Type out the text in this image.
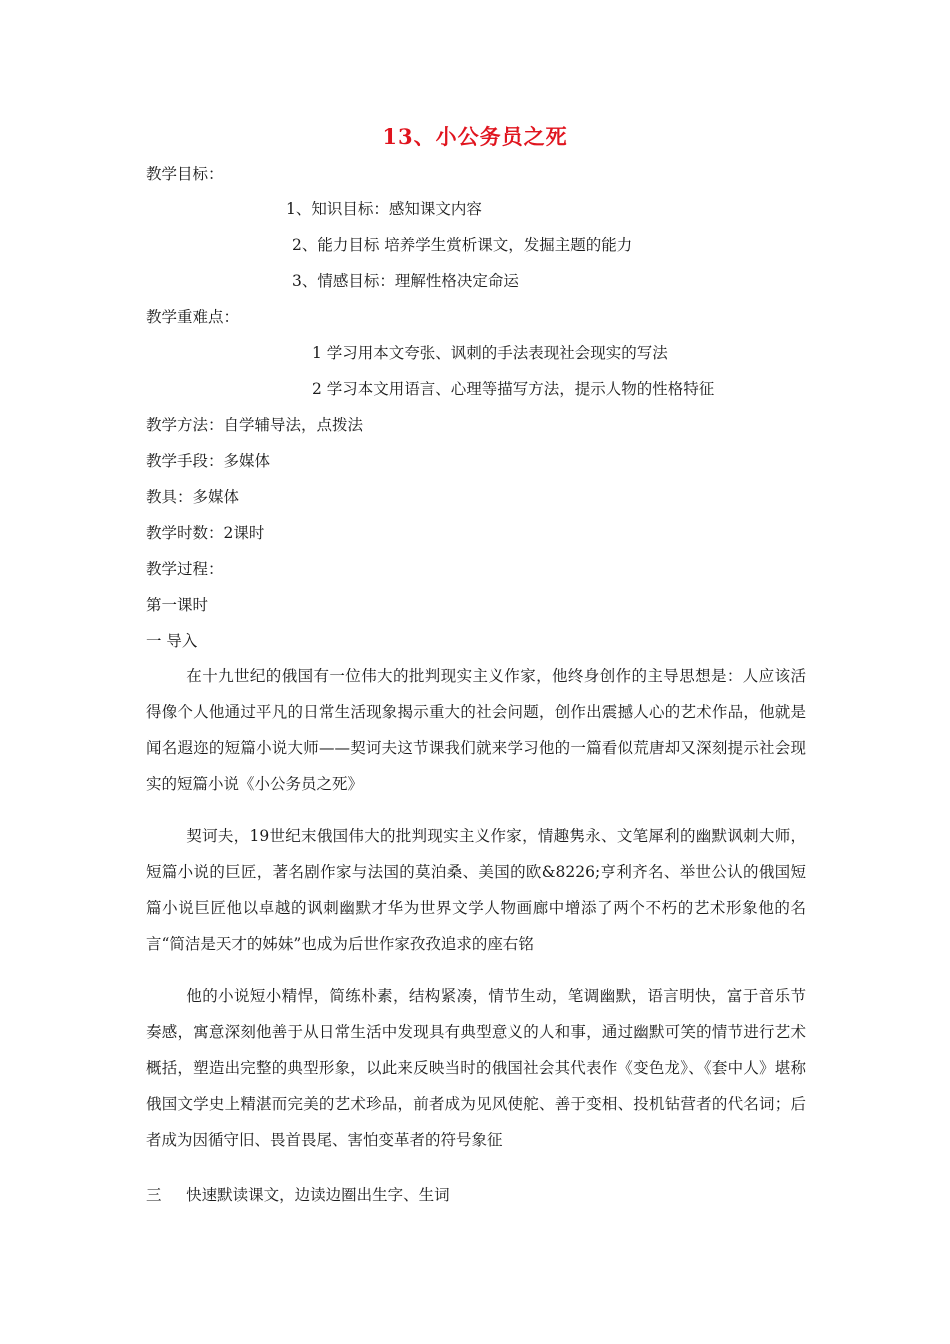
13、小公务员之死
教学目标：
1、知识目标：感知课文内容
2、能力目标 培养学生赏析课文，发掘主题的能力
3、情感目标：理解性格决定命运
教学重难点：
1 学习用本文夸张、讽刺的手法表现社会现实的写法
2 学习本文用语言、心理等描写方法，提示人物的性格特征
教学方法：自学辅导法，点拨法
教学手段：多媒体
教具：多媒体
教学时数：2课时
教学过程：
第一课时
一 导入
在十九世纪的俄国有一位伟大的批判现实主义作家，他终身创作的主导思想是：人应该活得像个人他通过平凡的日常生活现象揭示重大的社会问题，创作出震撼人心的艺术作品，他就是闻名遐迩的短篇小说大师——契诃夫这节课我们就来学习他的一篇看似荒唐却又深刻提示社会现实的短篇小说《小公务员之死》
契诃夫，19世纪末俄国伟大的批判现实主义作家，情趣隽永、文笔犀利的幽默讽刺大师，短篇小说的巨匠，著名剧作家与法国的莫泊桑、美国的欧&8226;亨利齐名、举世公认的俄国短篇小说巨匠他以卓越的讽刺幽默才华为世界文学人物画廊中增添了两个不朽的艺术形象他的名言“简洁是天才的姊妹”也成为后世作家孜孜追求的座右铭
他的小说短小精悍，简练朴素，结构紧凑，情节生动，笔调幽默，语言明快，富于音乐节奏感，寓意深刻他善于从日常生活中发现具有典型意义的人和事，通过幽默可笑的情节进行艺术概括，塑造出完整的典型形象，以此来反映当时的俄国社会其代表作《变色龙》、《套中人》堪称俄国文学史上精湛而完美的艺术珍品，前者成为见风使舵、善于变相、投机钻营者的代名词；后者成为因循守旧、畏首畏尾、害怕变革者的符号象征
三     快速默读课文，边读边圈出生字、生词
